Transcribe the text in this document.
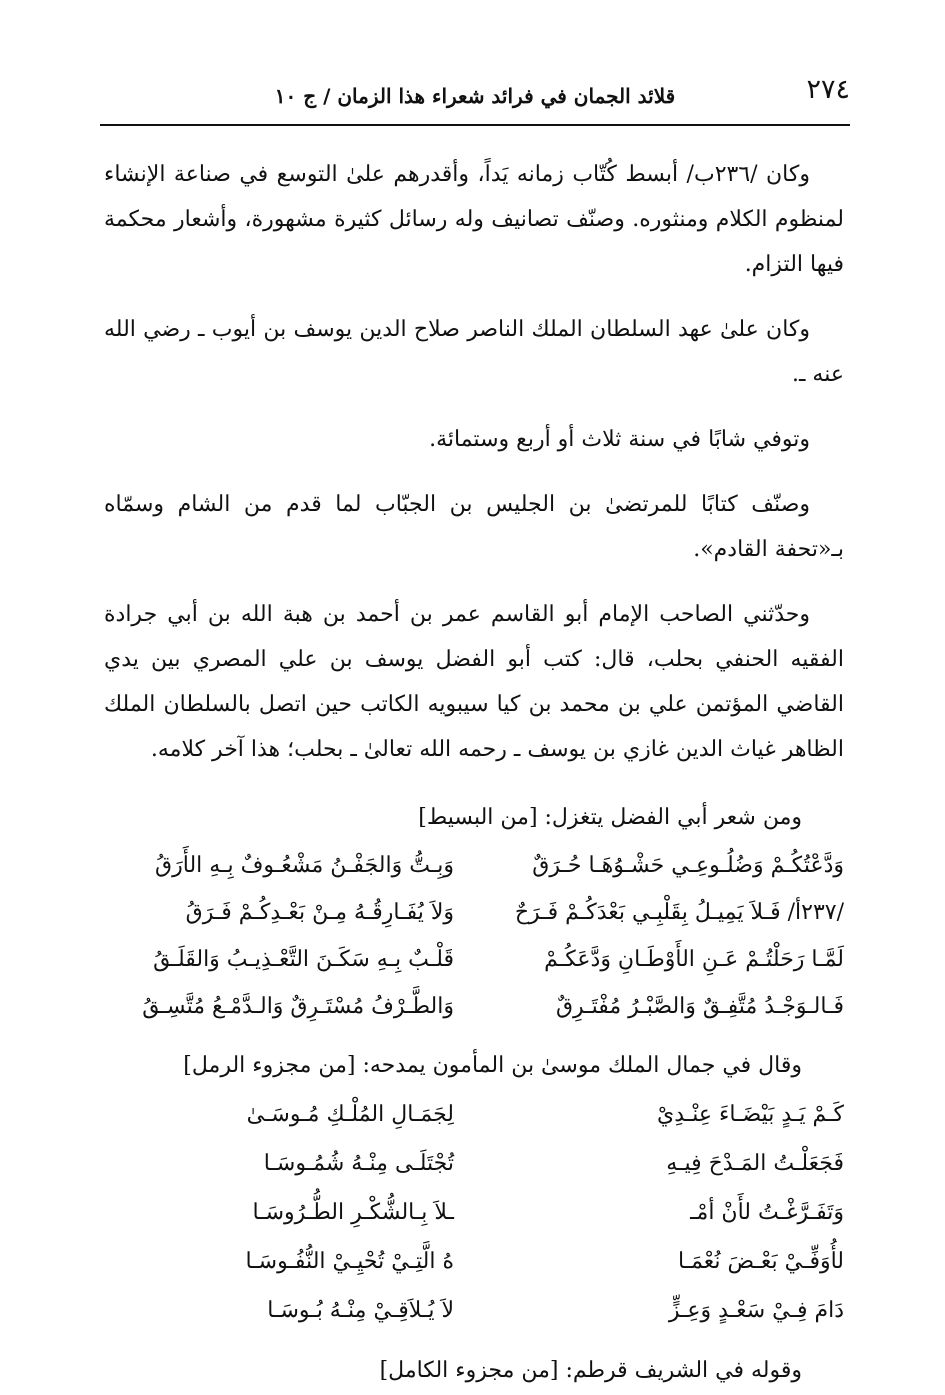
٢٧٤
قلائد الجمان في فرائد شعراء هذا الزمان / ج ١٠

وكان /٢٣٦ب/ أبسط كُتّاب زمانه يَداً، وأقدرهم علىٰ التوسع في صناعة الإنشاء لمنظوم الكلام ومنثوره. وصنّف تصانيف وله رسائل كثيرة مشهورة، وأشعار محكمة فيها التزام.

وكان علىٰ عهد السلطان الملك الناصر صلاح الدين يوسف بن أيوب ـ رضي الله عنه ـ.

وتوفي شابًا في سنة ثلاث أو أربع وستمائة.

وصنّف كتابًا للمرتضىٰ بن الجليس بن الجبّاب لما قدم من الشام وسمّاه بـ«تحفة القادم».

وحدّثني الصاحب الإمام أبو القاسم عمر بن أحمد بن هبة الله بن أبي جرادة الفقيه الحنفي بحلب، قال: كتب أبو الفضل يوسف بن علي المصري بين يدي القاضي المؤتمن علي بن محمد بن كيا سيبويه الكاتب حين اتصل بالسلطان الملك الظاهر غياث الدين غازي بن يوسف ـ رحمه الله تعالىٰ ـ بحلب؛ هذا آخر كلامه.

ومن شعر أبي الفضل يتغزل: [من البسيط]

وَدَّعْتُكُـمْ وَضُلُـوعِـي حَشْـوُهَـا حُـرَقٌ
وَبِـتُّ وَالجَفْـنُ مَشْعُـوفٌ بِـهِ الأَرَقُ
/٢٣٧أ/ فَـلاَ يَمِيـلُ بِقَلْبِـي بَعْدَكُـمْ فَـرَحٌ
وَلاَ يُفَـارِقُـهُ مِـنْ بَعْـدِكُـمْ فَـرَقُ
لَمَّـا رَحَلْتُـمْ عَـنِ الأَوْطَـانِ وَدَّعَكُـمْ
قَلْـبٌ بِـهِ سَكَـنَ التَّعْـذِيـبُ وَالقَلَـقُ
فَـالـوَجْـدُ مُتَّفِـقٌ وَالصَّبْـرُ مُفْتَـرِقٌ
وَالطَّـرْفُ مُسْتَـرِقٌ وَالـدَّمْـعُ مُتَّسِـقُ

وقال في جمال الملك موسىٰ بن المأمون يمدحه: [من مجزوء الرمل]

كَـمْ يَـدٍ بَيْضَـاءَ عِنْـدِيْ
لِجَمَـالِ المُلْـكِ مُـوسَـىٰ
فَجَعَلْـتُ المَـدْحَ فِيـهِ
تُجْتَلَـى مِنْـهُ شُمُـوسَـا
وَتَفَـرَّغْـتُ لأَنْ أمْـ
ـلاَ بِـالشُّكْـرِ الطُّـرُوسَـا
لأُوَفِّـيْ بَعْـضَ نُعْمَـا
هُ الَّتِـيْ تُحْيِـيْ النُّفُـوسَـا
دَامَ فِـيْ سَعْـدٍ وَعِـزٍّ
لاَ يُـلاَقِـيْ مِنْـهُ بُـوسَـا

وقوله في الشريف قرطم: [من مجزوء الكامل]
